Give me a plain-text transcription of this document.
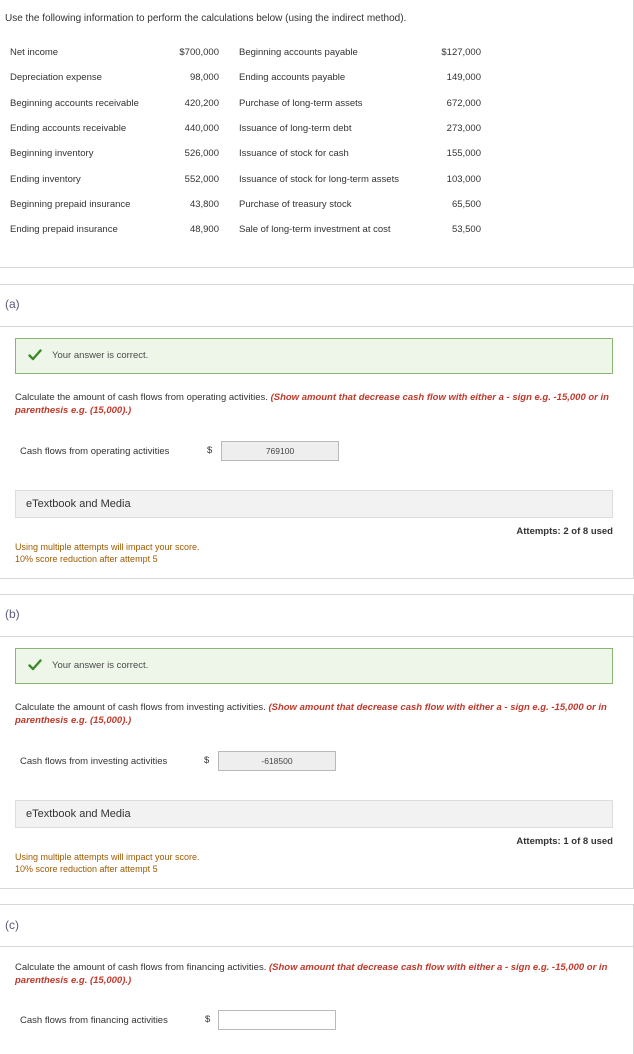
Use the following information to perform the calculations below (using the indirect method).
Net income	$700,000 Beginning accounts payable	$127,000
Depreciation expense	98,000 Ending accounts payable	149,000
Beginning accounts receivable	420,200 Purchase of long-term assets	672,000
Ending accounts receivable	440,000 Issuance of long-term debt	273,000
Beginning inventory	526,000 Issuance of stock for cash	155,000
Ending inventory	552,000 Issuance of stock for long-term assets	103,000
Beginning prepaid insurance	43,800 Purchase of treasury stock	65,500
Ending prepaid insurance	48,900 Sale of long-term investment at cost	53,500
(a)
Your answer is correct.
Calculate the amount of cash flows from operating activities. (Show amount that decrease cash flow with either a - sign e.g. -15,000 or in parenthesis e.g. (15,000).)
Cash flows from operating activities	$	769100
eTextbook and Media
Attempts: 2 of 8 used
Using multiple attempts will impact your score.
10% score reduction after attempt 5
(b)
Your answer is correct.
Calculate the amount of cash flows from investing activities. (Show amount that decrease cash flow with either a - sign e.g. -15,000 or in parenthesis e.g. (15,000).)
Cash flows from investing activities	$	-618500
eTextbook and Media
Attempts: 1 of 8 used
Using multiple attempts will impact your score.
10% score reduction after attempt 5
(c)
Calculate the amount of cash flows from financing activities. (Show amount that decrease cash flow with either a - sign e.g. -15,000 or in parenthesis e.g. (15,000).)
Cash flows from financing activities	$
